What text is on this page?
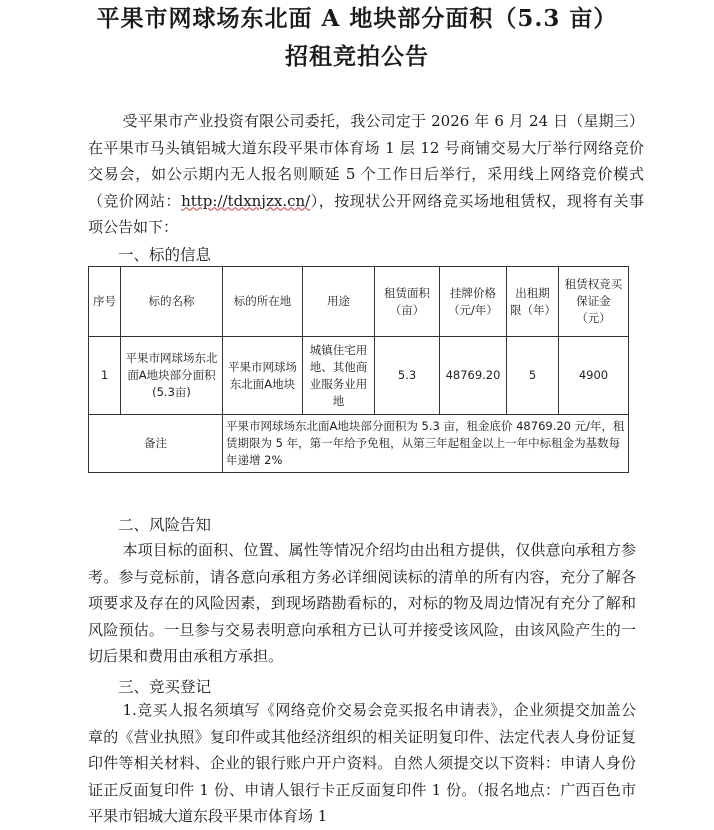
平果市网球场东北面 A 地块部分面积（5.3 亩）
招租竞拍公告
受平果市产业投资有限公司委托，我公司定于 2026 年 6 月 24 日（星期三）在平果市马头镇铝城大道东段平果市体育场 1 层 12 号商铺交易大厅举行网络竞价交易会，如公示期内无人报名则顺延 5 个工作日后举行，采用线上网络竞价模式（竞价网站：http://tdxnjzx.cn/），按现状公开网络竞买场地租赁权，现将有关事项公告如下：
一、标的信息
序号	标的名称	标的所在地	用途	租赁面积（亩）	挂牌价格（元/年）	出租期限（年）	租赁权竞买保证金（元）
1	平果市网球场东北面A地块部分面积(5.3亩)	平果市网球场东北面A地块	城镇住宅用地、其他商业服务业用地	5.3	48769.20	5	4900
备注		平果市网球场东北面A地块部分面积为 5.3 亩，租金底价 48769.20 元/年，租赁期限为 5 年，第一年给予免租，从第三年起租金以上一年中标租金为基数每年递增 2%					
二、风险告知
本项目标的面积、位置、属性等情况介绍均由出租方提供，仅供意向承租方参考。参与竞标前，请各意向承租方务必详细阅读标的清单的所有内容，充分了解各项要求及存在的风险因素，到现场踏勘看标的，对标的物及周边情况有充分了解和风险预估。一旦参与交易表明意向承租方已认可并接受该风险，由该风险产生的一切后果和费用由承租方承担。
三、竞买登记
1.竞买人报名须填写《网络竞价交易会竞买报名申请表》，企业须提交加盖公章的《营业执照》复印件或其他经济组织的相关证明复印件、法定代表人身份证复印件等相关材料、企业的银行账户开户资料。自然人须提交以下资料：申请人身份证正反面复印件 1 份、申请人银行卡正反面复印件 1 份。（报名地点：广西百色市平果市铝城大道东段平果市体育场 1
